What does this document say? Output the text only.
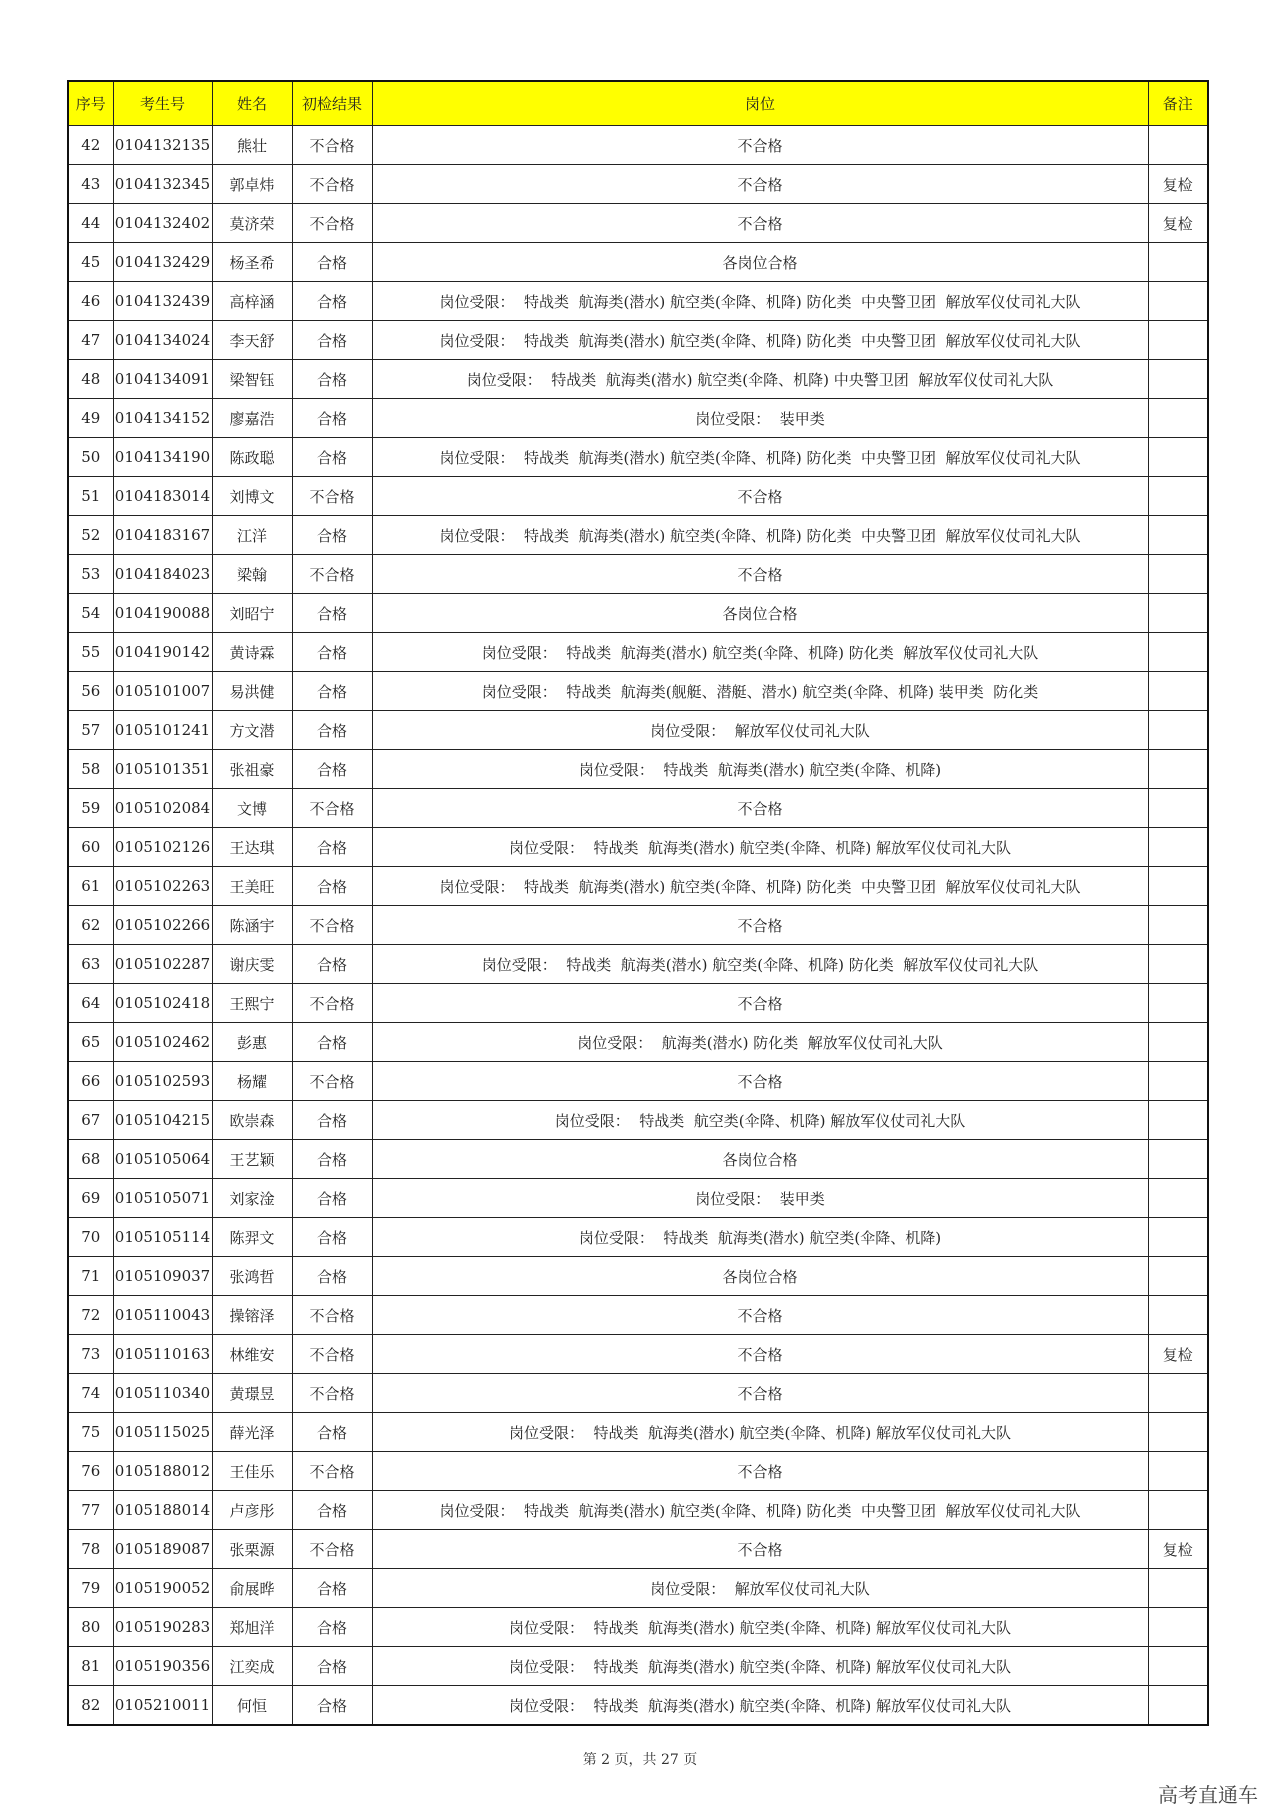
序号	考生号	姓名	初检结果	岗位	备注
42	0104132135	熊壮	不合格	不合格	
43	0104132345	郭卓炜	不合格	不合格	复检
44	0104132402	莫济荣	不合格	不合格	复检
45	0104132429	杨圣希	合格	各岗位合格	
46	0104132439	高梓涵	合格	岗位受限：  特战类  航海类(潜水) 航空类(伞降、机降) 防化类  中央警卫团  解放军仪仗司礼大队	
47	0104134024	李天舒	合格	岗位受限：  特战类  航海类(潜水) 航空类(伞降、机降) 防化类  中央警卫团  解放军仪仗司礼大队	
48	0104134091	梁智钰	合格	岗位受限：  特战类  航海类(潜水) 航空类(伞降、机降) 中央警卫团  解放军仪仗司礼大队	
49	0104134152	廖嘉浩	合格	岗位受限：  装甲类	
50	0104134190	陈政聪	合格	岗位受限：  特战类  航海类(潜水) 航空类(伞降、机降) 防化类  中央警卫团  解放军仪仗司礼大队	
51	0104183014	刘博文	不合格	不合格	
52	0104183167	江洋	合格	岗位受限：  特战类  航海类(潜水) 航空类(伞降、机降) 防化类  中央警卫团  解放军仪仗司礼大队	
53	0104184023	梁翰	不合格	不合格	
54	0104190088	刘昭宁	合格	各岗位合格	
55	0104190142	黄诗霖	合格	岗位受限：  特战类  航海类(潜水) 航空类(伞降、机降) 防化类  解放军仪仗司礼大队	
56	0105101007	易洪健	合格	岗位受限：  特战类  航海类(舰艇、潜艇、潜水) 航空类(伞降、机降) 装甲类  防化类	
57	0105101241	方文潜	合格	岗位受限：  解放军仪仗司礼大队	
58	0105101351	张祖豪	合格	岗位受限：  特战类  航海类(潜水) 航空类(伞降、机降)	
59	0105102084	文博	不合格	不合格	
60	0105102126	王达琪	合格	岗位受限：  特战类  航海类(潜水) 航空类(伞降、机降) 解放军仪仗司礼大队	
61	0105102263	王美旺	合格	岗位受限：  特战类  航海类(潜水) 航空类(伞降、机降) 防化类  中央警卫团  解放军仪仗司礼大队	
62	0105102266	陈涵宇	不合格	不合格	
63	0105102287	谢庆雯	合格	岗位受限：  特战类  航海类(潜水) 航空类(伞降、机降) 防化类  解放军仪仗司礼大队	
64	0105102418	王熙宁	不合格	不合格	
65	0105102462	彭惠	合格	岗位受限：  航海类(潜水) 防化类  解放军仪仗司礼大队	
66	0105102593	杨耀	不合格	不合格	
67	0105104215	欧崇森	合格	岗位受限：  特战类  航空类(伞降、机降) 解放军仪仗司礼大队	
68	0105105064	王艺颖	合格	各岗位合格	
69	0105105071	刘家淦	合格	岗位受限：  装甲类	
70	0105105114	陈羿文	合格	岗位受限：  特战类  航海类(潜水) 航空类(伞降、机降)	
71	0105109037	张鸿哲	合格	各岗位合格	
72	0105110043	操镕泽	不合格	不合格	
73	0105110163	林维安	不合格	不合格	复检
74	0105110340	黄璟昱	不合格	不合格	
75	0105115025	薛光泽	合格	岗位受限：  特战类  航海类(潜水) 航空类(伞降、机降) 解放军仪仗司礼大队	
76	0105188012	王佳乐	不合格	不合格	
77	0105188014	卢彦彤	合格	岗位受限：  特战类  航海类(潜水) 航空类(伞降、机降) 防化类  中央警卫团  解放军仪仗司礼大队	
78	0105189087	张栗源	不合格	不合格	复检
79	0105190052	俞展晔	合格	岗位受限：  解放军仪仗司礼大队	
80	0105190283	郑旭洋	合格	岗位受限：  特战类  航海类(潜水) 航空类(伞降、机降) 解放军仪仗司礼大队	
81	0105190356	江奕成	合格	岗位受限：  特战类  航海类(潜水) 航空类(伞降、机降) 解放军仪仗司礼大队	
82	0105210011	何恒	合格	岗位受限：  特战类  航海类(潜水) 航空类(伞降、机降) 解放军仪仗司礼大队	
第 2 页，共 27 页
高考直通车
